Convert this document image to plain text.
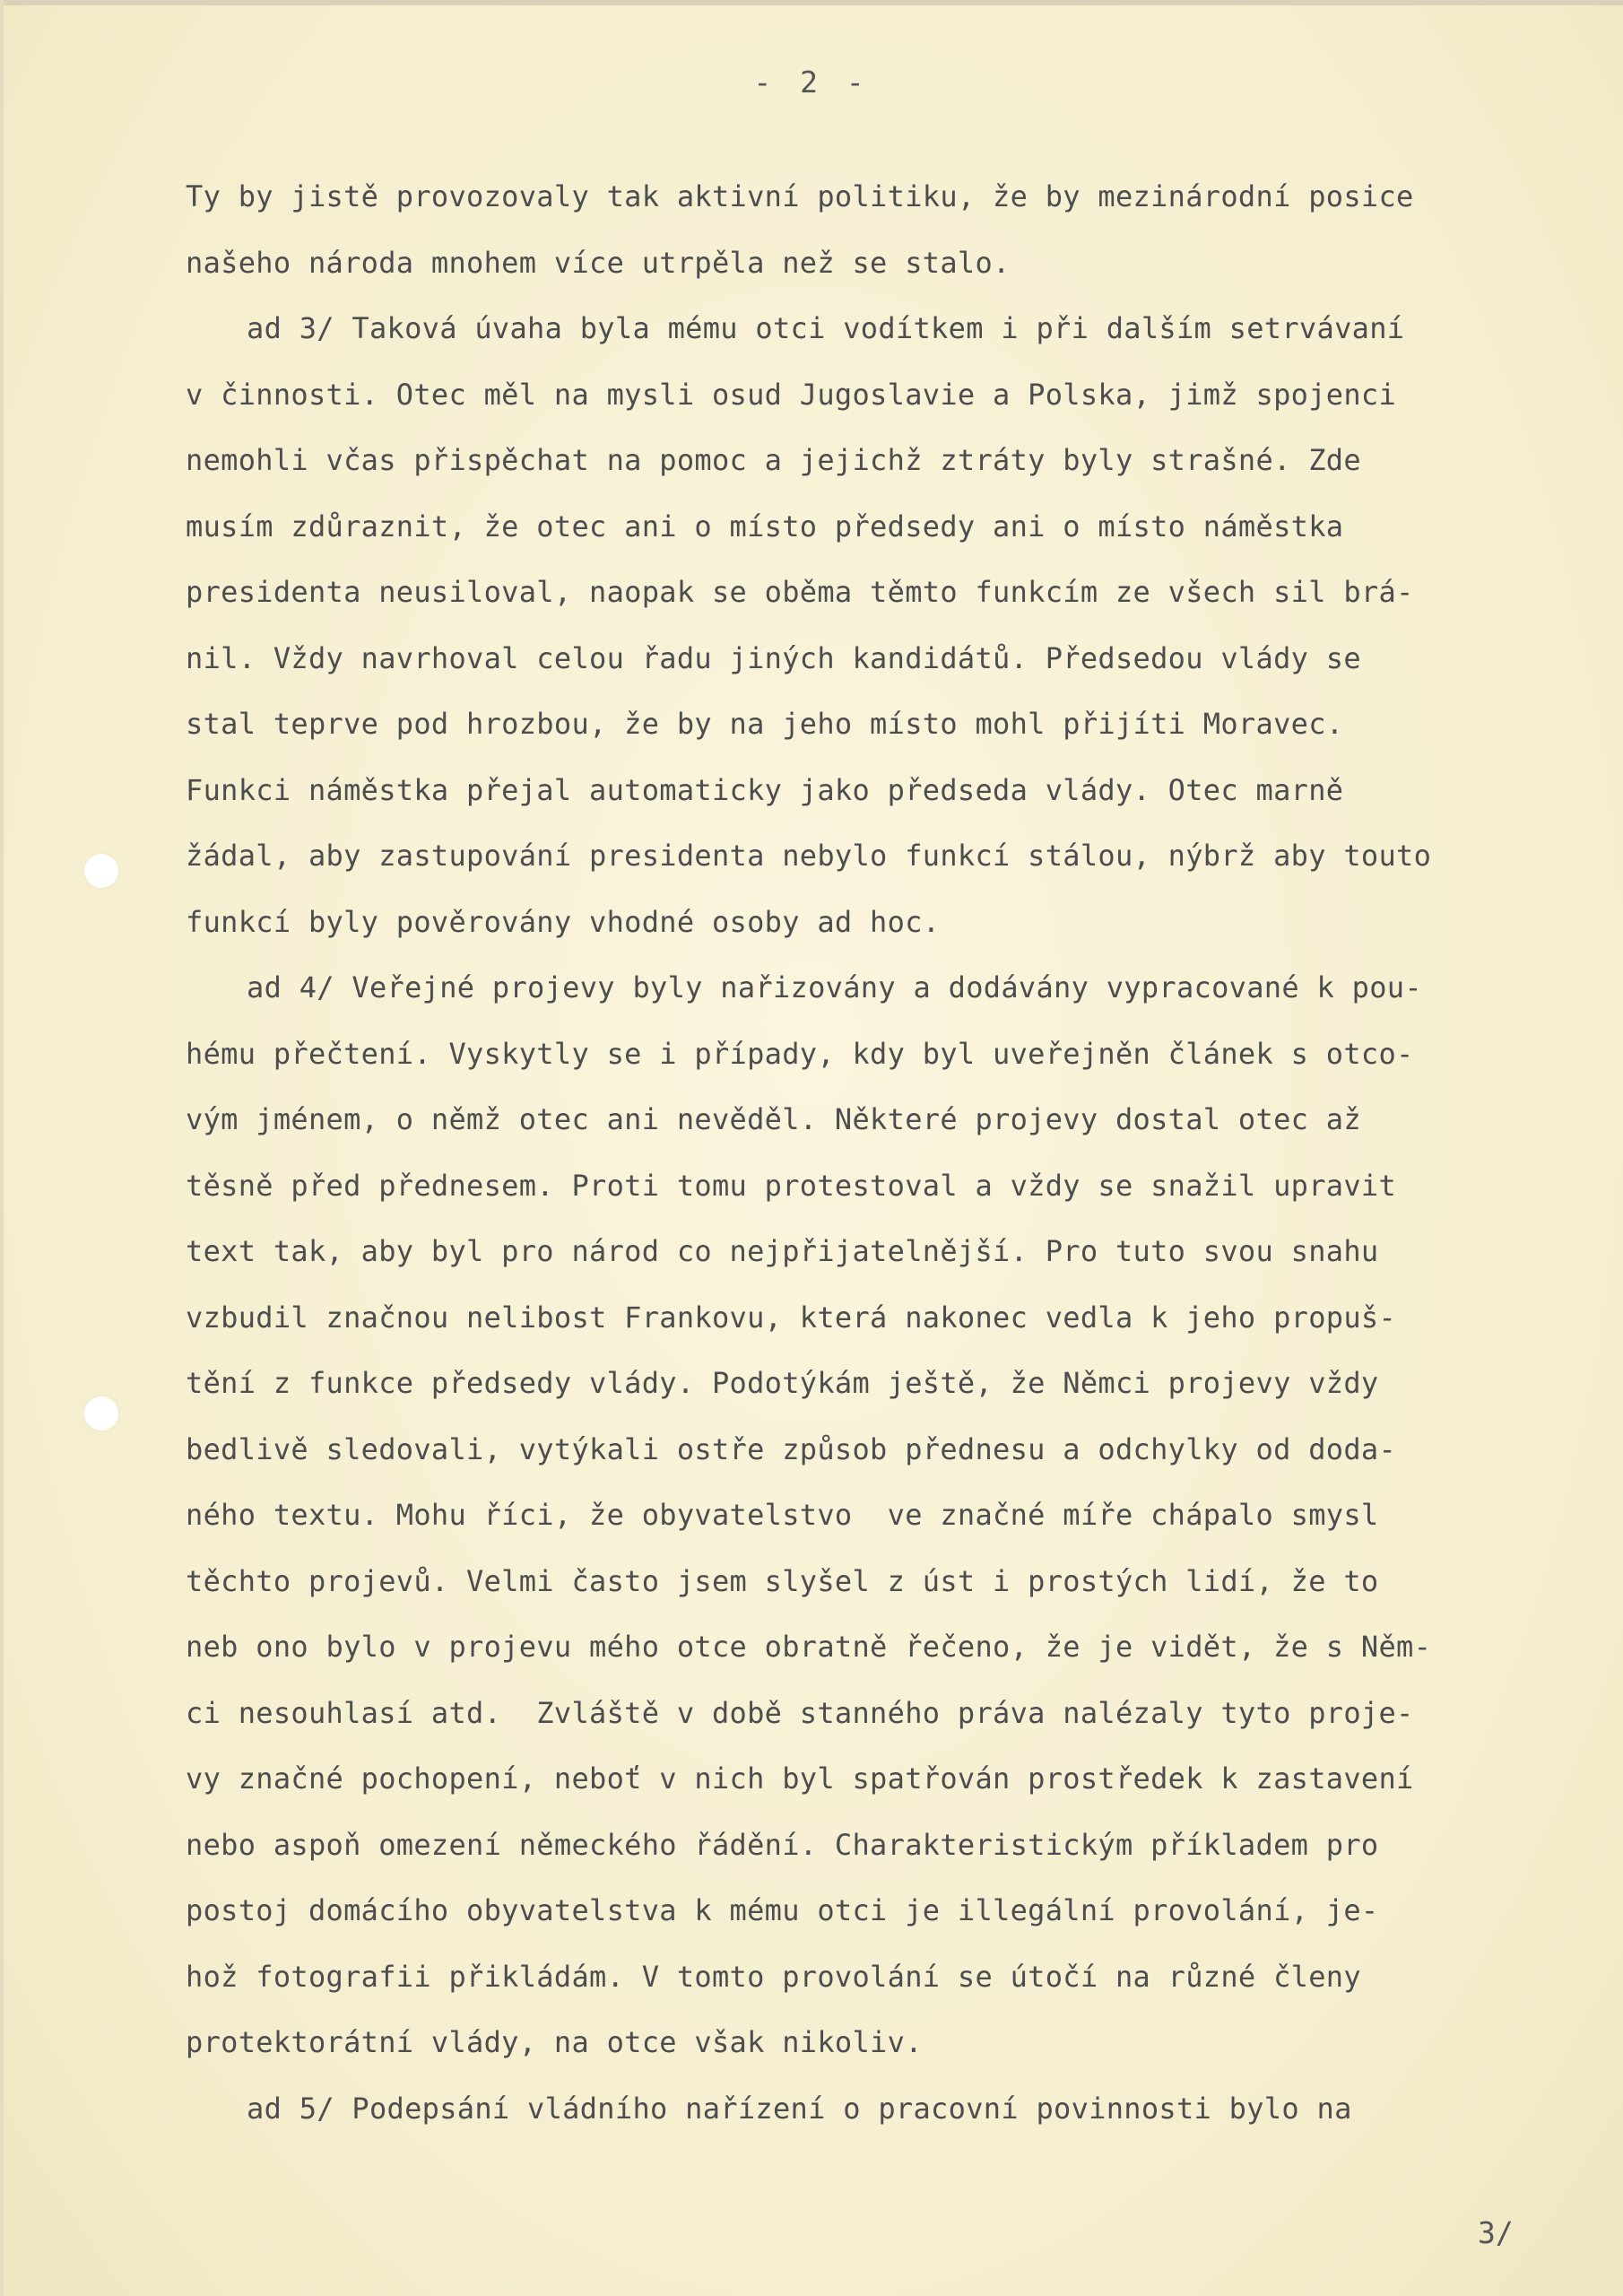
- 2 -
Ty by jistě provozovaly tak aktivní politiku, že by mezinárodní posice
našeho národa mnohem více utrpěla než se stalo.
ad 3/ Taková úvaha byla mému otci vodítkem i při dalším setrvávaní
v činnosti. Otec měl na mysli osud Jugoslavie a Polska, jimž spojenci
nemohli včas přispěchat na pomoc a jejichž ztráty byly strašné. Zde
musím zdůraznit, že otec ani o místo předsedy ani o místo náměstka
presidenta neusiloval, naopak se oběma těmto funkcím ze všech sil brá-
nil. Vždy navrhoval celou řadu jiných kandidátů. Předsedou vlády se
stal teprve pod hrozbou, že by na jeho místo mohl přijíti Moravec.
Funkci náměstka přejal automaticky jako předseda vlády. Otec marně
žádal, aby zastupování presidenta nebylo funkcí stálou, nýbrž aby touto
funkcí byly pověrovány vhodné osoby ad hoc.
ad 4/ Veřejné projevy byly nařizovány a dodávány vypracované k pou-
hému přečtení. Vyskytly se i případy, kdy byl uveřejněn článek s otco-
vým jménem, o němž otec ani nevěděl. Některé projevy dostal otec až
těsně před přednesem. Proti tomu protestoval a vždy se snažil upravit
text tak, aby byl pro národ co nejpřijatelnější. Pro tuto svou snahu
vzbudil značnou nelibost Frankovu, která nakonec vedla k jeho propuš-
tění z funkce předsedy vlády. Podotýkám ještě, že Němci projevy vždy
bedlivě sledovali, vytýkali ostře způsob přednesu a odchylky od doda-
ného textu. Mohu říci, že obyvatelstvo  ve značné míře chápalo smysl
těchto projevů. Velmi často jsem slyšel z úst i prostých lidí, že to
neb ono bylo v projevu mého otce obratně řečeno, že je vidět, že s Něm-
ci nesouhlasí atd.  Zvláště v době stanného práva nalézaly tyto proje-
vy značné pochopení, neboť v nich byl spatřován prostředek k zastavení
nebo aspoň omezení německého řádění. Charakteristickým příkladem pro
postoj domácího obyvatelstva k mému otci je illegální provolání, je-
hož fotografii přikládám. V tomto provolání se útočí na různé členy
protektorátní vlády, na otce však nikoliv.
ad 5/ Podepsání vládního nařízení o pracovní povinnosti bylo na
3/
